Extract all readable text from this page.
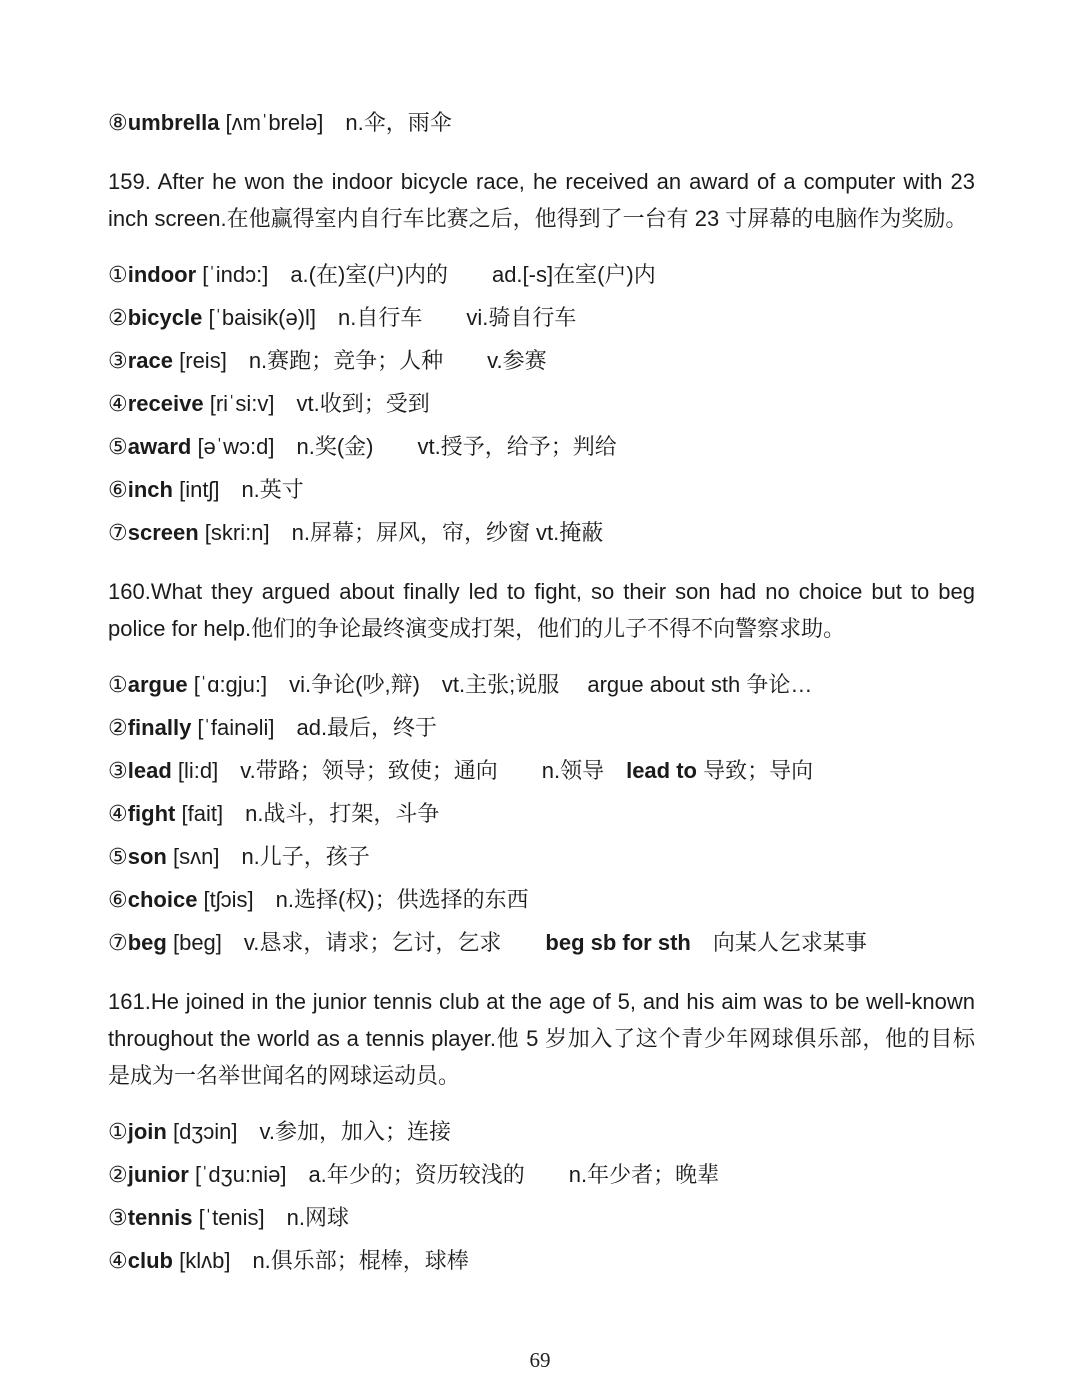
⑧umbrella [ʌmˈbrelə]　n.伞，雨伞

159. After he won the indoor bicycle race, he received an award of a computer with 23 inch screen.在他赢得室内自行车比赛之后，他得到了一台有 23 寸屏幕的电脑作为奖励。

①indoor [ˈindɔ:]　a.(在)室(户)内的　　ad.[-s]在室(户)内
②bicycle [ˈbaisik(ə)l]　n.自行车　　vi.骑自行车
③race [reis]　n.赛跑；竞争；人种　　v.参赛
④receive [riˈsi:v]　vt.收到；受到
⑤award [əˈwɔ:d]　n.奖(金)　　vt.授予，给予；判给
⑥inch [intʃ]　n.英寸
⑦screen [skri:n]　n.屏幕；屏风，帘，纱窗 vt.掩蔽

160.What they argued about finally led to fight, so their son had no choice but to beg police for help.他们的争论最终演变成打架，他们的儿子不得不向警察求助。

①argue [ˈɑ:gju:]　vi.争论(吵,辩)　vt.主张;说服　 argue about sth 争论…
②finally [ˈfainəli]　ad.最后，终于
③lead [li:d]　v.带路；领导；致使；通向　　n.领导　lead to 导致；导向
④fight [fait]　n.战斗，打架，斗争
⑤son [sʌn]　n.儿子，孩子
⑥choice [tʃɔis]　n.选择(权)；供选择的东西
⑦beg [beg]　v.恳求，请求；乞讨，乞求　　beg sb for sth　向某人乞求某事

161.He joined in the junior tennis club at the age of 5, and his aim was to be well-known throughout the world as a tennis player.他 5 岁加入了这个青少年网球俱乐部，他的目标是成为一名举世闻名的网球运动员。

①join [dʒɔin]　v.参加，加入；连接
②junior [ˈdʒu:niə]　a.年少的；资历较浅的　　n.年少者；晚辈
③tennis [ˈtenis]　n.网球
④club [klʌb]　n.俱乐部；棍棒，球棒
69
